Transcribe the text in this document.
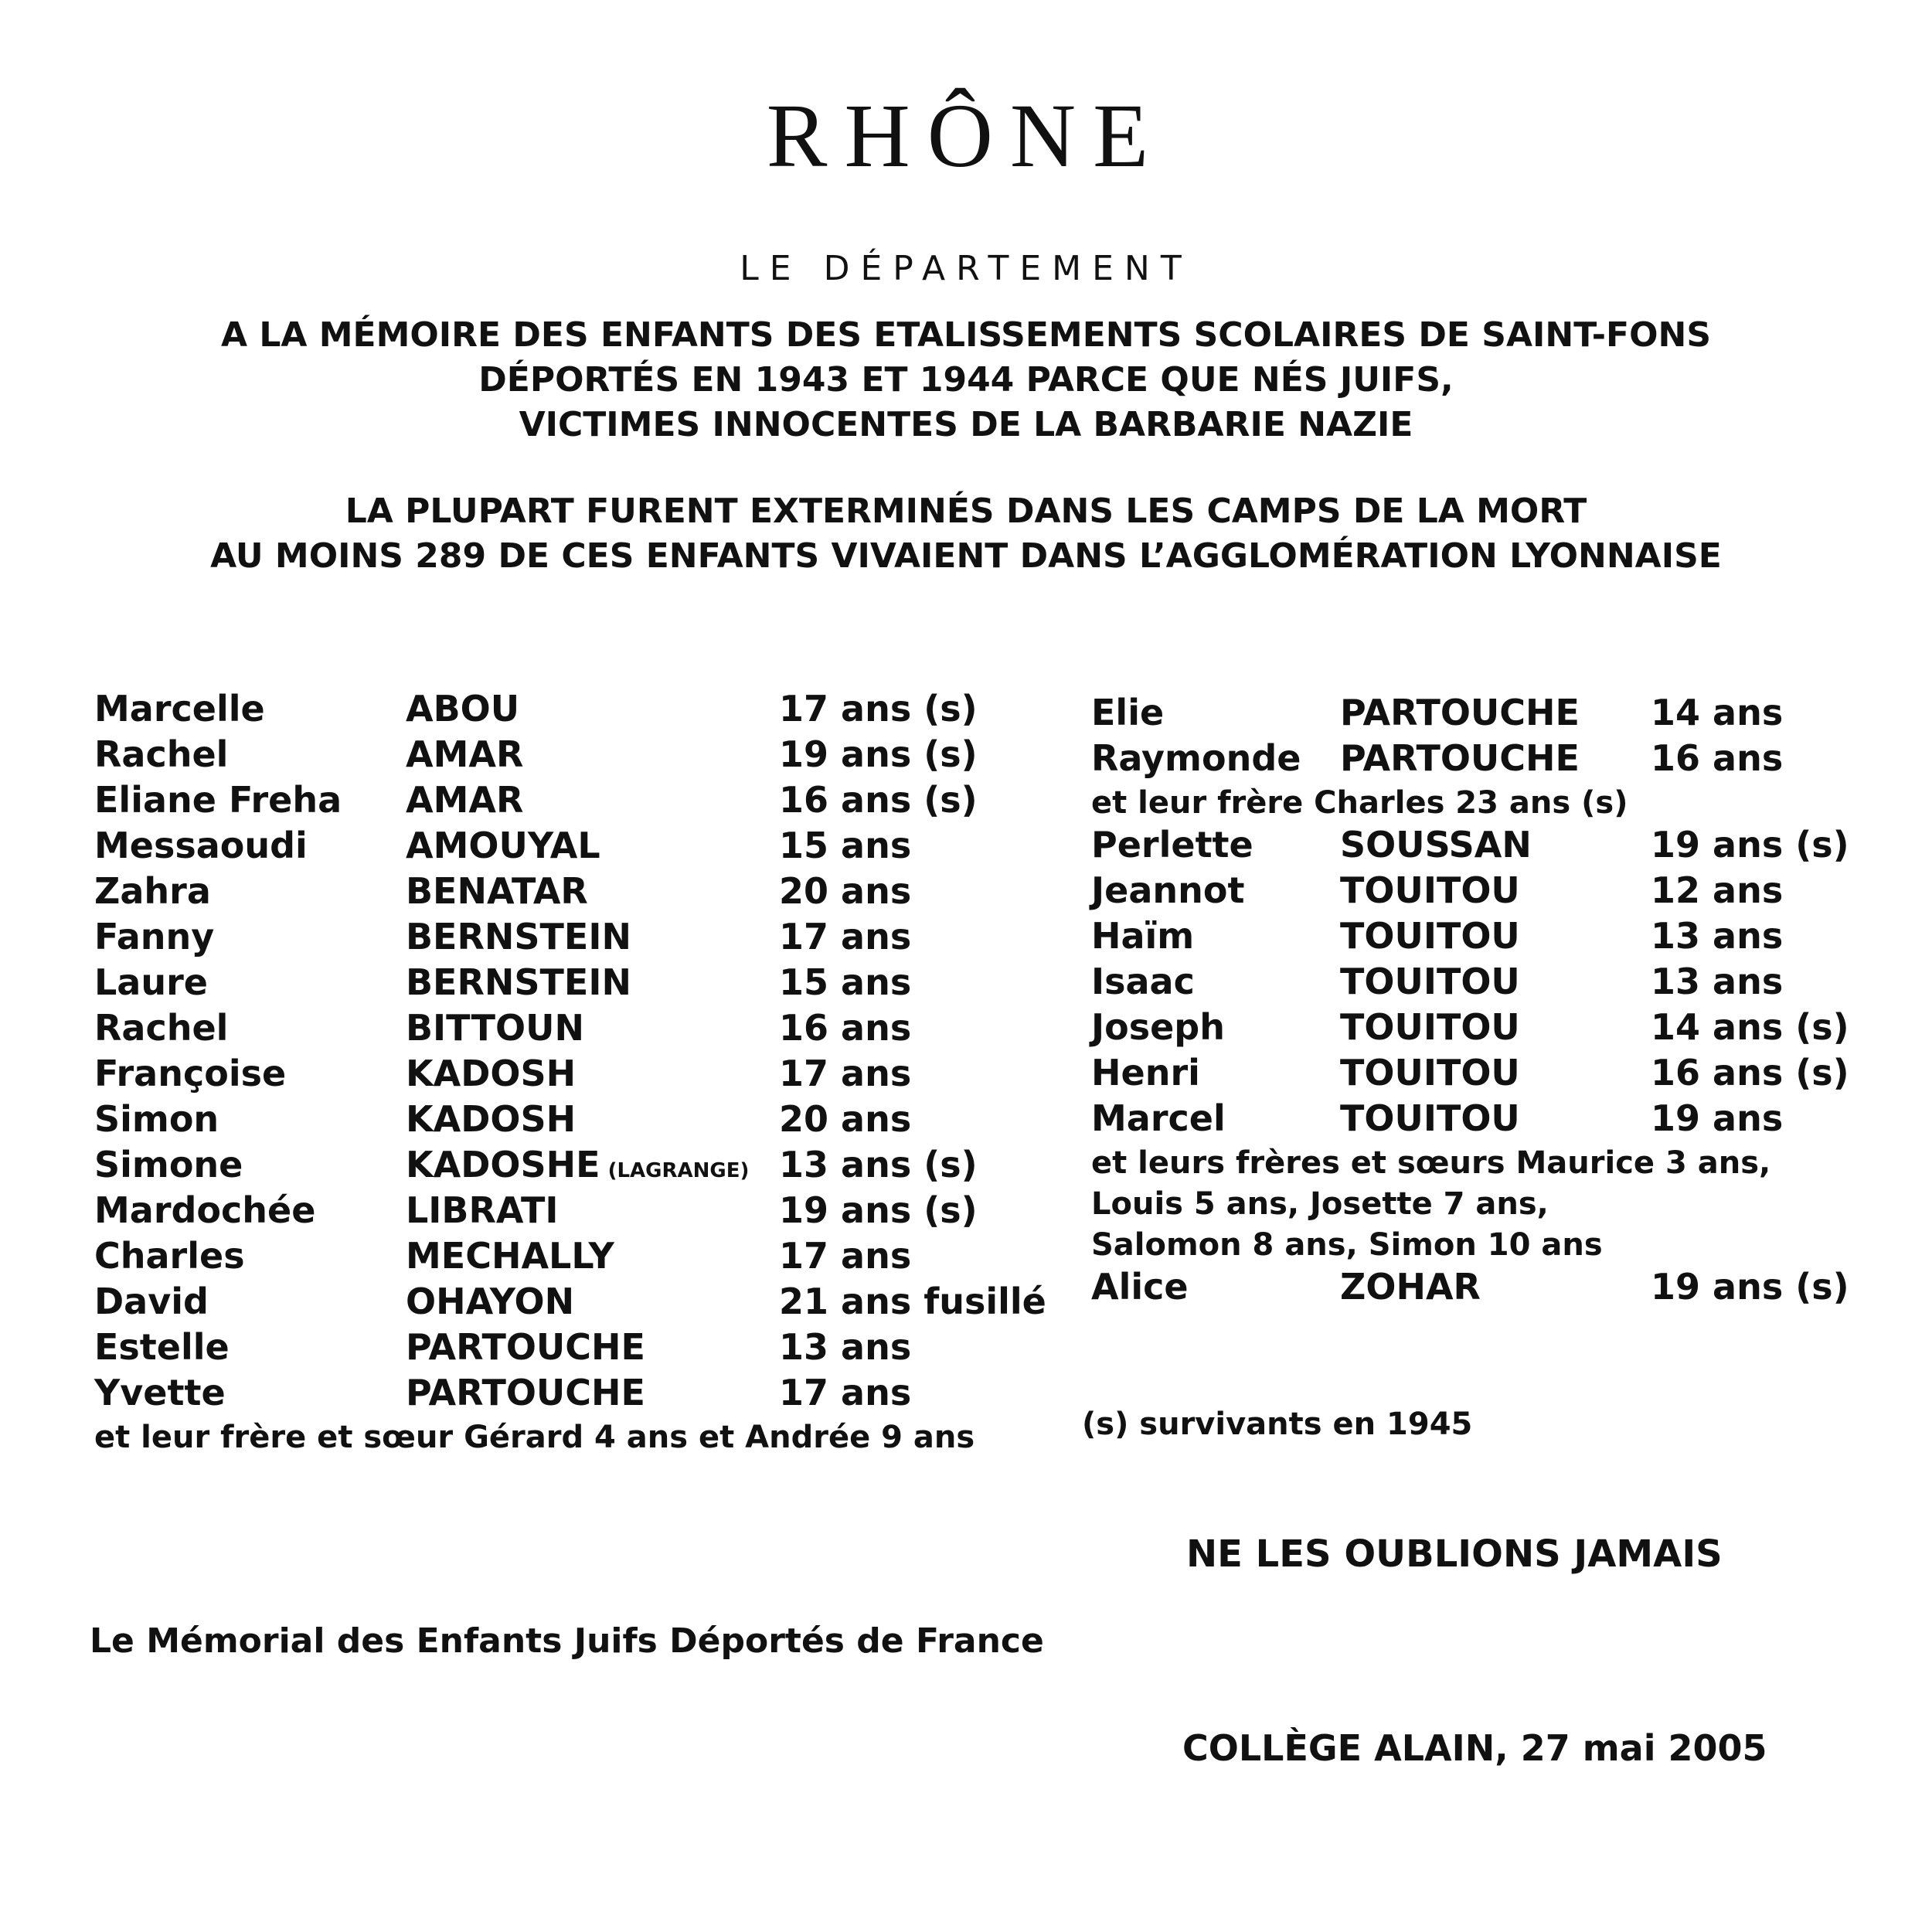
RHÔNE
LE DÉPARTEMENT
A LA MÉMOIRE DES ENFANTS DES ETALISSEMENTS SCOLAIRES DE SAINT-FONS
DÉPORTÉS EN 1943 ET 1944 PARCE QUE NÉS JUIFS,
VICTIMES INNOCENTES DE LA BARBARIE NAZIE
LA PLUPART FURENT EXTERMINÉS DANS LES CAMPS DE LA MORT
AU MOINS 289 DE CES ENFANTS VIVAIENT DANS L’AGGLOMÉRATION LYONNAISE
Marcelle	ABOU	17 ans (s)
Rachel	AMAR	19 ans (s)
Eliane Freha AMAR	16 ans (s)
Messaoudi	AMOUYAL	15 ans
Zahra	BENATAR	20 ans
Fanny	BERNSTEIN	17 ans
Laure	BERNSTEIN	15 ans
Rachel	BITTOUN	16 ans
Françoise	KADOSH	17 ans
Simon	KADOSH	20 ans
Simone	KADOSHE (LAGRANGE) 13 ans (s)
Mardochée	LIBRATI	19 ans (s)
Charles	MECHALLY	17 ans
David	OHAYON	21 ans fusillé
Estelle	PARTOUCHE	13 ans
Yvette	PARTOUCHE	17 ans
et leur frère et sœur Gérard 4 ans et Andrée 9 ans
Elie	PARTOUCHE 14 ans
Raymonde PARTOUCHE 16 ans
et leur frère Charles 23 ans (s)
Perlette SOUSSAN	19 ans (s)
Jeannot	TOUITOU	12 ans
Haïm	TOUITOU	13 ans
Isaac	TOUITOU	13 ans
Joseph	TOUITOU	14 ans (s)
Henri	TOUITOU	16 ans (s)
Marcel	TOUITOU	19 ans
et leurs frères et sœurs Maurice 3 ans,
Louis 5 ans, Josette 7 ans,
Salomon 8 ans, Simon 10 ans
Alice	ZOHAR	19 ans (s)
(s) survivants en 1945
NE LES OUBLIONS JAMAIS
Le Mémorial des Enfants Juifs Déportés de France
COLLÈGE ALAIN, 27 mai 2005
